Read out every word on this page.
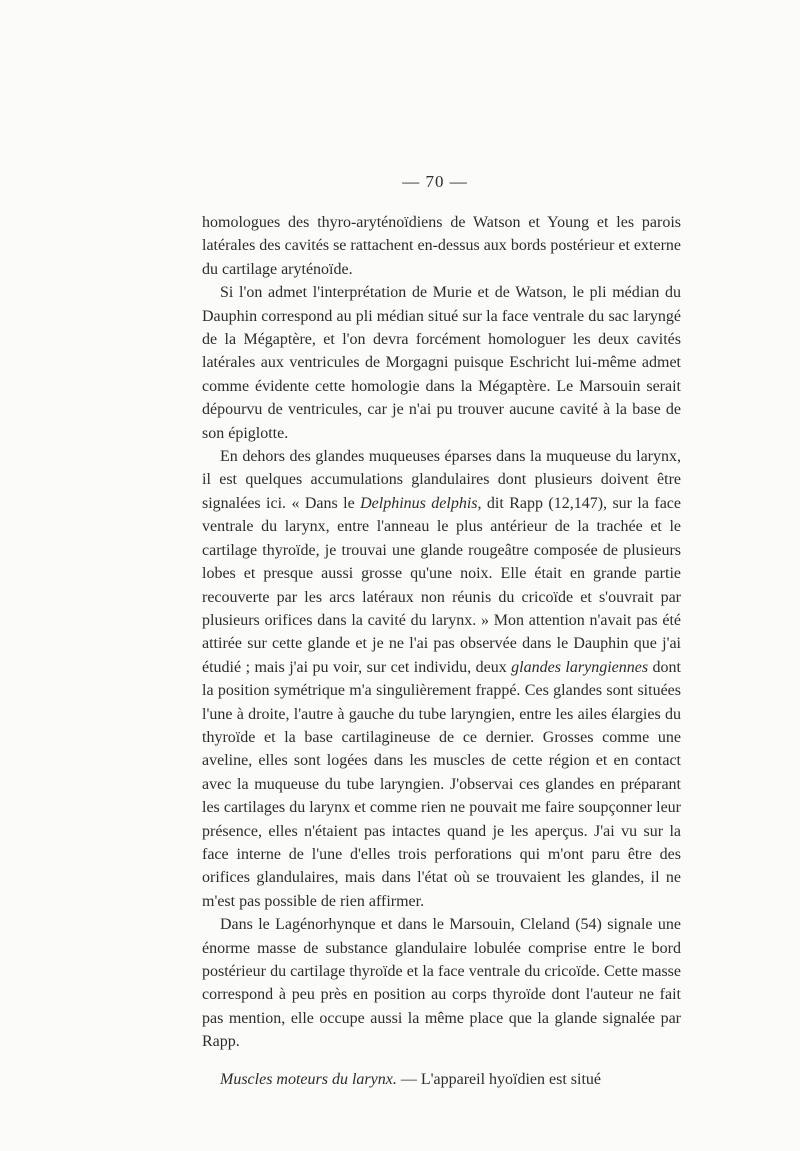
— 70 —

homologues des thyro-aryténoïdiens de Watson et Young et les parois latérales des cavités se rattachent en-dessus aux bords postérieur et externe du cartilage aryténoïde.

Si l'on admet l'interprétation de Murie et de Watson, le pli médian du Dauphin correspond au pli médian situé sur la face ventrale du sac laryngé de la Mégaptère, et l'on devra forcément homologuer les deux cavités latérales aux ventricules de Morgagni puisque Eschricht lui-même admet comme évidente cette homologie dans la Mégaptère. Le Marsouin serait dépourvu de ventricules, car je n'ai pu trouver aucune cavité à la base de son épiglotte.

En dehors des glandes muqueuses éparses dans la muqueuse du larynx, il est quelques accumulations glandulaires dont plusieurs doivent être signalées ici. « Dans le Delphinus delphis, dit Rapp (12,147), sur la face ventrale du larynx, entre l'anneau le plus antérieur de la trachée et le cartilage thyroïde, je trouvai une glande rougeâtre composée de plusieurs lobes et presque aussi grosse qu'une noix. Elle était en grande partie recouverte par les arcs latéraux non réunis du cricoïde et s'ouvrait par plusieurs orifices dans la cavité du larynx. » Mon attention n'avait pas été attirée sur cette glande et je ne l'ai pas observée dans le Dauphin que j'ai étudié ; mais j'ai pu voir, sur cet individu, deux glandes laryngiennes dont la position symétrique m'a singulièrement frappé. Ces glandes sont situées l'une à droite, l'autre à gauche du tube laryngien, entre les ailes élargies du thyroïde et la base cartilagineuse de ce dernier. Grosses comme une aveline, elles sont logées dans les muscles de cette région et en contact avec la muqueuse du tube laryngien. J'observai ces glandes en préparant les cartilages du larynx et comme rien ne pouvait me faire soupçonner leur présence, elles n'étaient pas intactes quand je les aperçus. J'ai vu sur la face interne de l'une d'elles trois perforations qui m'ont paru être des orifices glandulaires, mais dans l'état où se trouvaient les glandes, il ne m'est pas possible de rien affirmer.

Dans le Lagénorhynque et dans le Marsouin, Cleland (54) signale une énorme masse de substance glandulaire lobulée comprise entre le bord postérieur du cartilage thyroïde et la face ventrale du cricoïde. Cette masse correspond à peu près en position au corps thyroïde dont l'auteur ne fait pas mention, elle occupe aussi la même place que la glande signalée par Rapp.

Muscles moteurs du larynx. — L'appareil hyoïdien est situé
